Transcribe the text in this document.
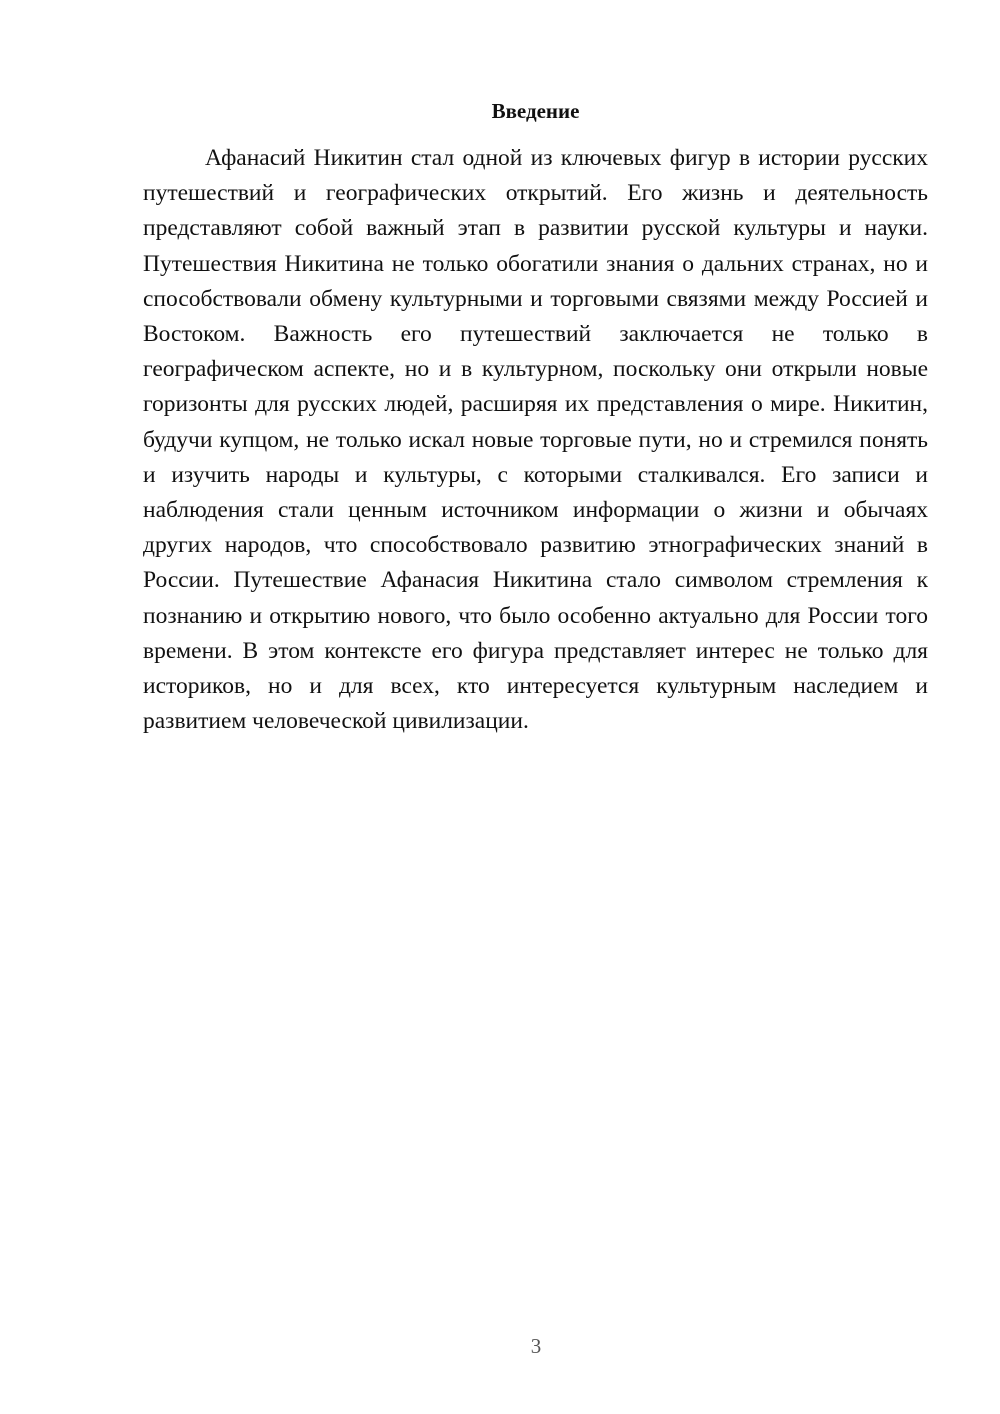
Введение

Афанасий Никитин стал одной из ключевых фигур в истории русских путешествий и географических открытий. Его жизнь и деятельность представляют собой важный этап в развитии русской культуры и науки. Путешествия Никитина не только обогатили знания о дальних странах, но и способствовали обмену культурными и торговыми связями между Россией и Востоком. Важность его путешествий заключается не только в географическом аспекте, но и в культурном, поскольку они открыли новые горизонты для русских людей, расширяя их представления о мире. Никитин, будучи купцом, не только искал новые торговые пути, но и стремился понять и изучить народы и культуры, с которыми сталкивался. Его записи и наблюдения стали ценным источником информации о жизни и обычаях других народов, что способствовало развитию этнографических знаний в России. Путешествие Афанасия Никитина стало символом стремления к познанию и открытию нового, что было особенно актуально для России того времени. В этом контексте его фигура представляет интерес не только для историков, но и для всех, кто интересуется культурным наследием и развитием человеческой цивилизации.

3
